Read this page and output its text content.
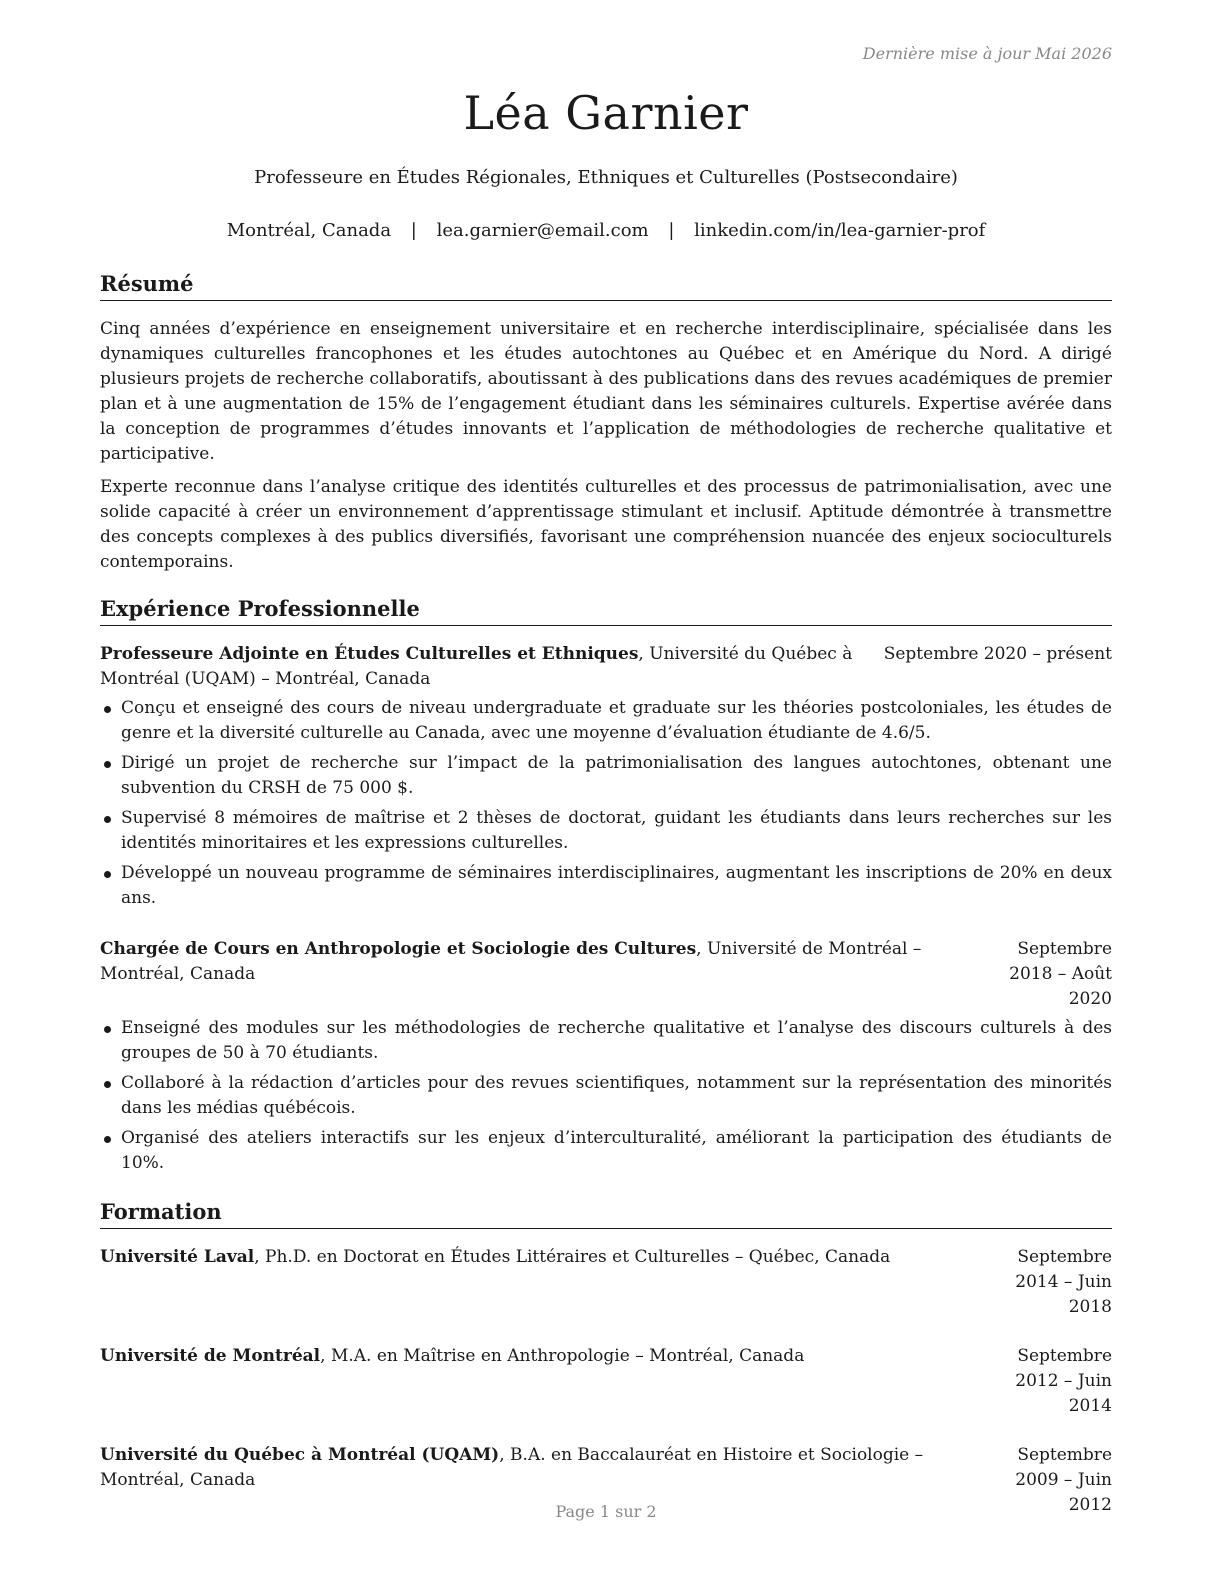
Dernière mise à jour Mai 2026
Léa Garnier
Professeure en Études Régionales, Ethniques et Culturelles (Postsecondaire)
Montréal, Canada | lea.garnier@email.com | linkedin.com/in/lea-garnier-prof
Résumé

Cinq années d’expérience en enseignement universitaire et en recherche interdisciplinaire, spécialisée dans les dynamiques culturelles francophones et les études autochtones au Québec et en Amérique du Nord. A dirigé plusieurs projets de recherche collaboratifs, aboutissant à des publications dans des revues académiques de premier plan et à une augmentation de 15% de l’engagement étudiant dans les séminaires culturels. Expertise avérée dans la conception de programmes d’études innovants et l’application de méthodologies de recherche qualitative et participative.

Experte reconnue dans l’analyse critique des identités culturelles et des processus de patrimonialisation, avec une solide capacité à créer un environnement d’apprentissage stimulant et inclusif. Aptitude démontrée à transmettre des concepts complexes à des publics diversifiés, favorisant une compréhension nuancée des enjeux socioculturels contemporains.

Expérience Professionnelle
Professeure Adjointe en Études Culturelles et Ethniques, Université du Québec à Montréal (UQAM) – Montréal, Canada
Septembre 2020 – présent
Conçu et enseigné des cours de niveau undergraduate et graduate sur les théories postcoloniales, les études de genre et la diversité culturelle au Canada, avec une moyenne d’évaluation étudiante de 4.6/5.
Dirigé un projet de recherche sur l’impact de la patrimonialisation des langues autochtones, obtenant une subvention du CRSH de 75 000 $.
Supervisé 8 mémoires de maîtrise et 2 thèses de doctorat, guidant les étudiants dans leurs recherches sur les identités minoritaires et les expressions culturelles.
Développé un nouveau programme de séminaires interdisciplinaires, augmentant les inscriptions de 20% en deux ans.
Chargée de Cours en Anthropologie et Sociologie des Cultures, Université de Montréal – Montréal, Canada
Septembre 2018 – Août 2020
Enseigné des modules sur les méthodologies de recherche qualitative et l’analyse des discours culturels à des groupes de 50 à 70 étudiants.
Collaboré à la rédaction d’articles pour des revues scientifiques, notamment sur la représentation des minorités dans les médias québécois.
Organisé des ateliers interactifs sur les enjeux d’interculturalité, améliorant la participation des étudiants de 10%.
Formation
Université Laval, Ph.D. en Doctorat en Études Littéraires et Culturelles – Québec, Canada	Septembre 2014 – Juin 2018
Université de Montréal, M.A. en Maîtrise en Anthropologie – Montréal, Canada	Septembre 2012 – Juin 2014
Université du Québec à Montréal (UQAM), B.A. en Baccalauréat en Histoire et Sociologie – Montréal, Canada
Septembre 2009 – Juin 2012
Page 1 sur 2
